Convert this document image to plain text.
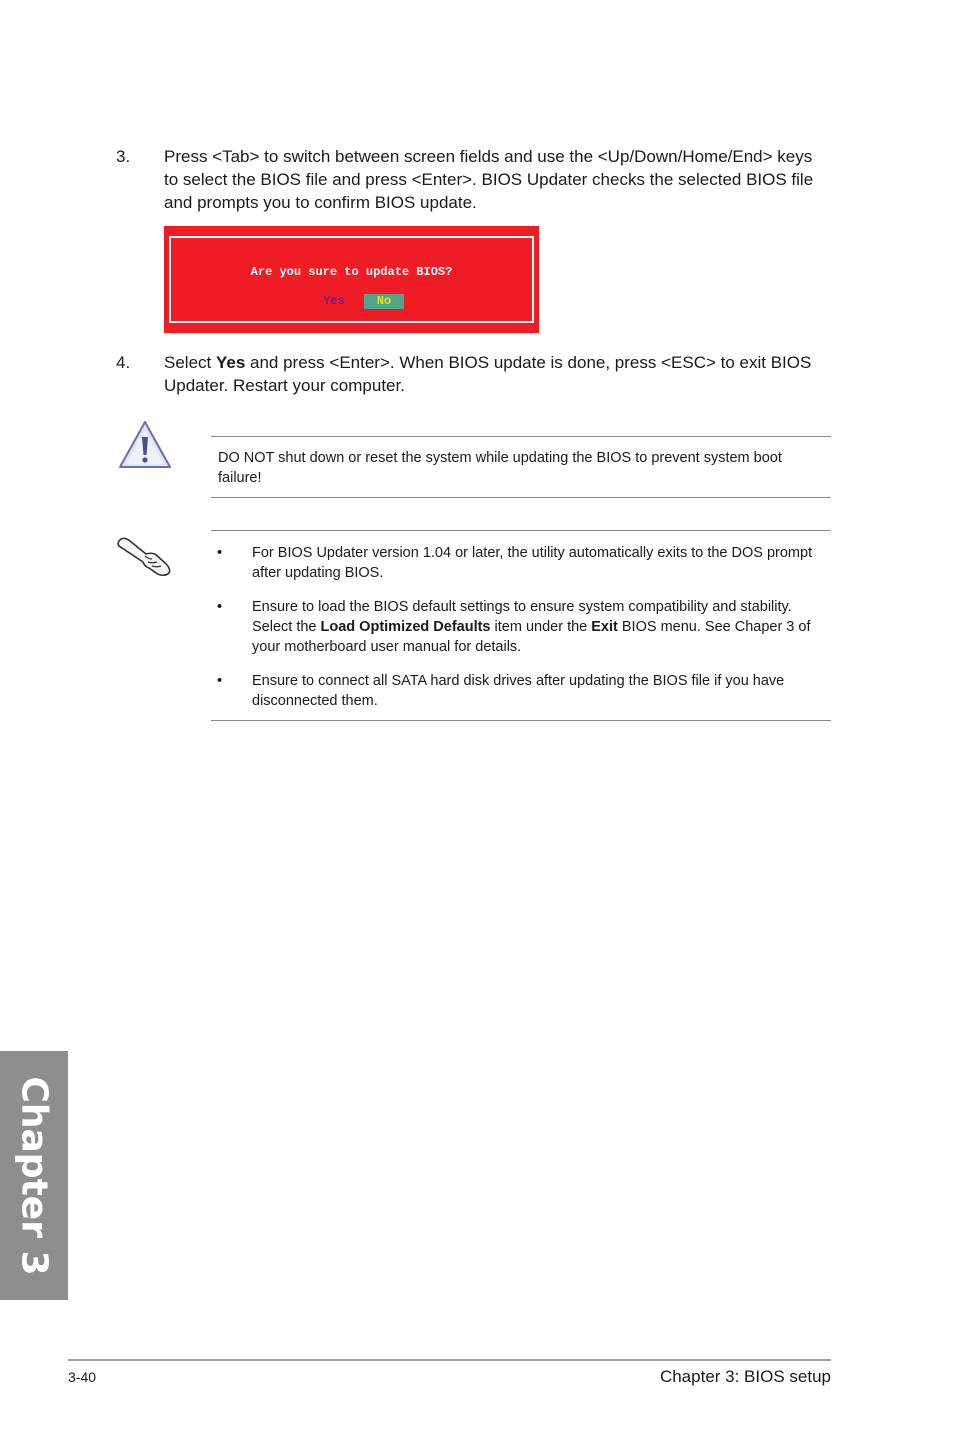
3. Press <Tab> to switch between screen fields and use the <Up/Down/Home/End> keys to select the BIOS file and press <Enter>. BIOS Updater checks the selected BIOS file and prompts you to confirm BIOS update.
Are you sure to update BIOS?
Yes	No
4. Select Yes and press <Enter>. When BIOS update is done, press <ESC> to exit BIOS Updater. Restart your computer.
DO NOT shut down or reset the system while updating the BIOS to prevent system boot failure!
• For BIOS Updater version 1.04 or later, the utility automatically exits to the DOS prompt after updating BIOS.
• Ensure to load the BIOS default settings to ensure system compatibility and stability. Select the Load Optimized Defaults item under the Exit BIOS menu. See Chaper 3 of your motherboard user manual for details.
• Ensure to connect all SATA hard disk drives after updating the BIOS file if you have disconnected them.
Chapter 3
3-40	Chapter 3: BIOS setup
